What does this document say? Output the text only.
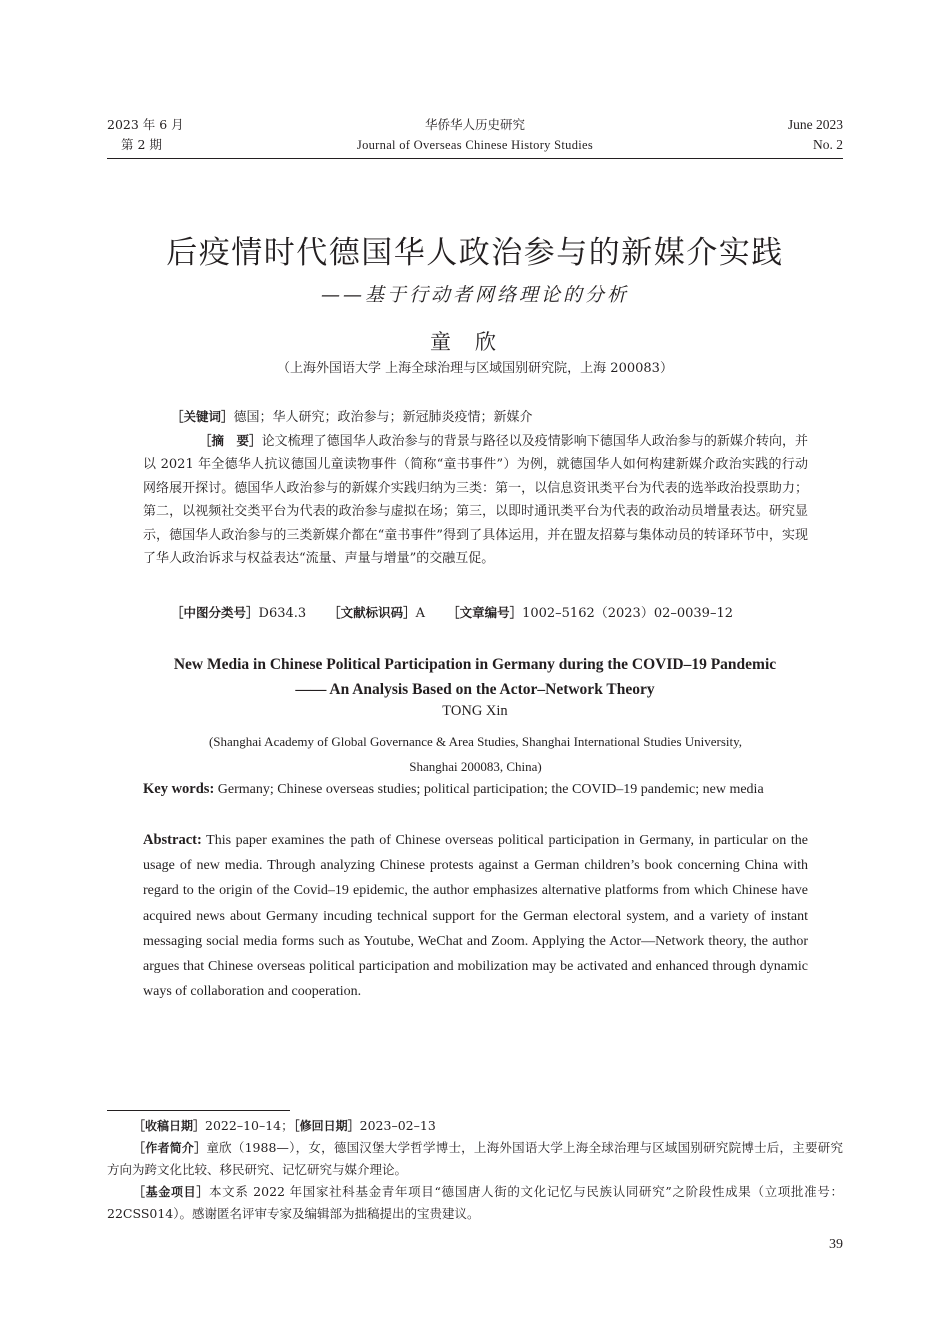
2023 年 6 月
第 2 期
华侨华人历史研究
Journal of Overseas Chinese History Studies
June 2023
No. 2
后疫情时代德国华人政治参与的新媒介实践
——基于行动者网络理论的分析
童欣
（上海外国语大学 上海全球治理与区域国别研究院，上海 200083）
［关键词］德国；华人研究；政治参与；新冠肺炎疫情；新媒介
［摘　要］论文梳理了德国华人政治参与的背景与路径以及疫情影响下德国华人政治参与的新媒介转向，并以 2021 年全德华人抗议德国儿童读物事件（简称“童书事件”）为例，就德国华人如何构建新媒介政治实践的行动网络展开探讨。德国华人政治参与的新媒介实践归纳为三类：第一，以信息资讯类平台为代表的选举政治投票助力；第二，以视频社交类平台为代表的政治参与虚拟在场；第三，以即时通讯类平台为代表的政治动员增量表达。研究显示，德国华人政治参与的三类新媒介都在“童书事件”得到了具体运用，并在盟友招募与集体动员的转译环节中，实现了华人政治诉求与权益表达“流量、声量与增量”的交融互促。
［中图分类号］D634.3 ［文献标识码］A ［文章编号］1002–5162（2023）02–0039–12
New Media in Chinese Political Participation in Germany during the COVID–19 Pandemic
—— An Analysis Based on the Actor–Network Theory
TONG Xin
(Shanghai Academy of Global Governance & Area Studies, Shanghai International Studies University,
Shanghai 200083, China)
Key words: Germany; Chinese overseas studies; political participation; the COVID–19 pandemic; new media
Abstract: This paper examines the path of Chinese overseas political participation in Germany, in particular on the usage of new media. Through analyzing Chinese protests against a German children’s book concerning China with regard to the origin of the Covid–19 epidemic, the author emphasizes alternative platforms from which Chinese have acquired news about Germany incuding technical support for the German electoral system, and a variety of instant messaging social media forms such as Youtube, WeChat and Zoom. Applying the Actor—Network theory, the author argues that Chinese overseas political participation and mobilization may be activated and enhanced through dynamic ways of collaboration and cooperation.

［收稿日期］2022–10–14；［修回日期］2023–02–13

［作者简介］童欣（1988—），女，德国汉堡大学哲学博士，上海外国语大学上海全球治理与区域国别研究院博士后，主要研究方向为跨文化比较、移民研究、记忆研究与媒介理论。

［基金项目］本文系 2022 年国家社科基金青年项目“德国唐人街的文化记忆与民族认同研究”之阶段性成果（立项批准号：22CSS014）。感谢匿名评审专家及编辑部为拙稿提出的宝贵建议。

39
